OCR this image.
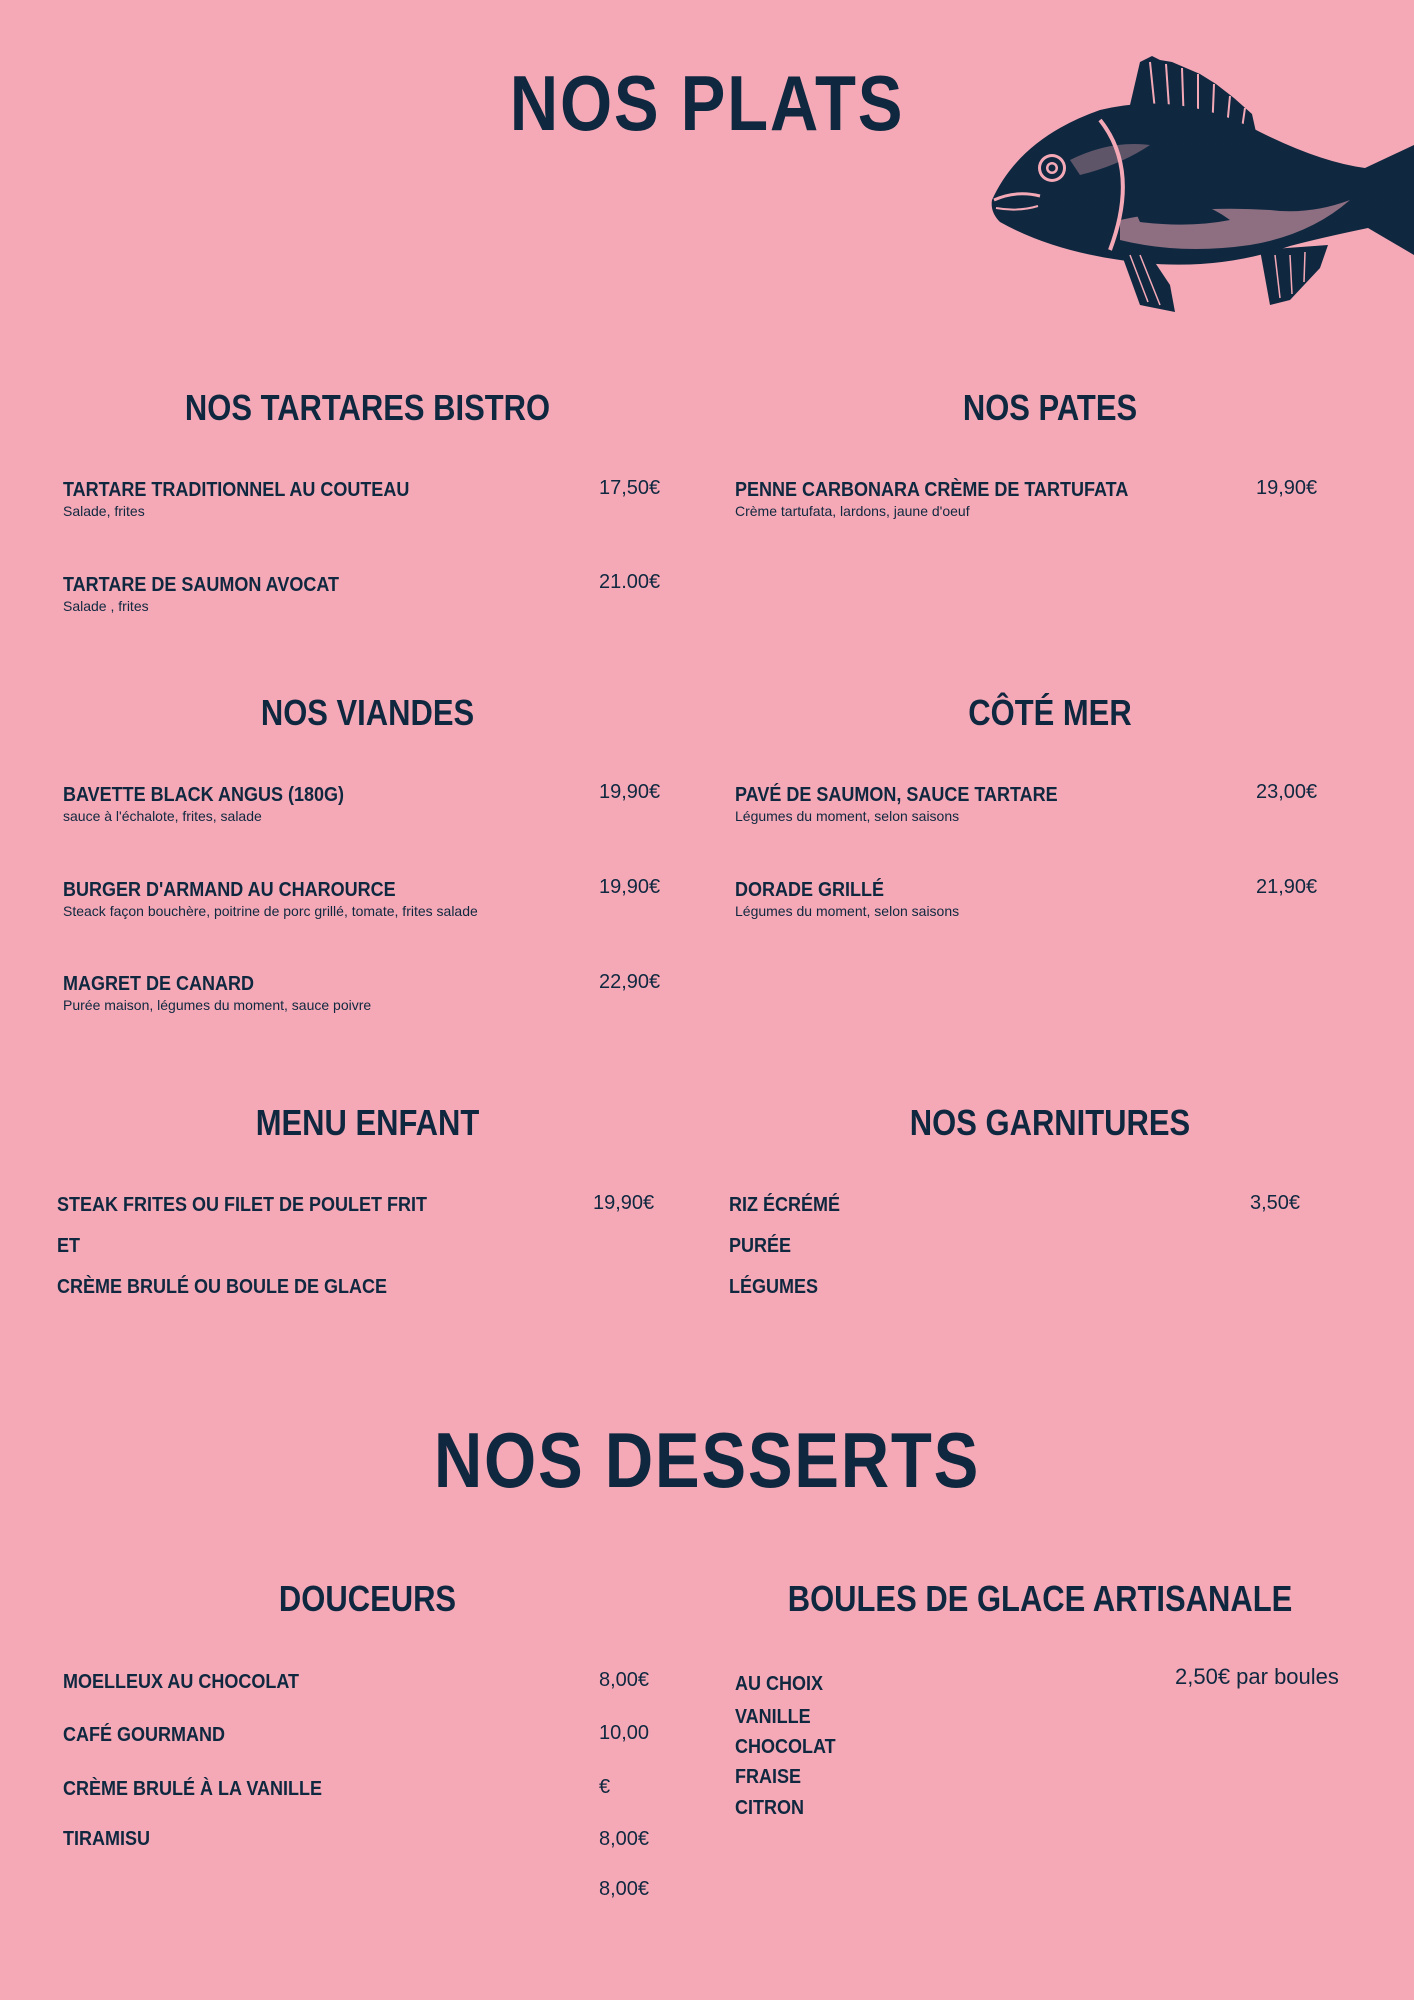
NOS PLATS
NOS TARTARES BISTRO
TARTARE TRADITIONNEL AU COUTEAU
Salade, frites
17,50€
TARTARE DE SAUMON AVOCAT
Salade , frites
21.00€
NOS PATES
PENNE CARBONARA CRÈME DE TARTUFATA
Crème tartufata, lardons, jaune d'oeuf
19,90€
NOS VIANDES
BAVETTE BLACK ANGUS (180G)
sauce à l'échalote, frites, salade
19,90€
BURGER D'ARMAND AU CHAROURCE
Steack façon bouchère, poitrine de porc grillé, tomate, frites salade
19,90€
MAGRET DE CANARD
Purée maison, légumes du moment, sauce poivre
22,90€
CÔTÉ MER
PAVÉ DE SAUMON, SAUCE TARTARE
Légumes du moment, selon saisons
23,00€
DORADE GRILLÉ
Légumes du moment, selon saisons
21,90€
MENU ENFANT
STEAK FRITES OU FILET DE POULET FRIT
ET
CRÈME BRULÉ OU BOULE DE GLACE
19,90€
NOS GARNITURES
RIZ ÉCRÉMÉ
PURÉE
LÉGUMES
3,50€
NOS DESSERTS
DOUCEURS
MOELLEUX AU CHOCOLAT
CAFÉ GOURMAND
CRÈME BRULÉ À LA VANILLE
TIRAMISU
8,00€
10,00
€
8,00€
8,00€
BOULES DE GLACE ARTISANALE
AU CHOIX
VANILLE
CHOCOLAT
FRAISE
CITRON
2,50€ par boules
